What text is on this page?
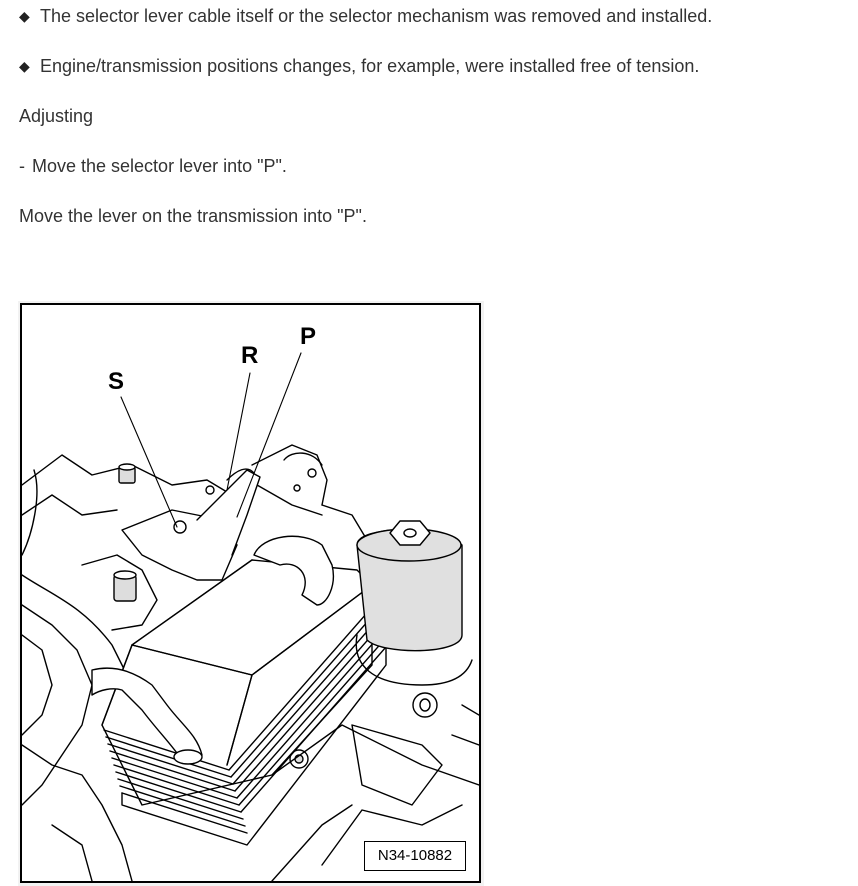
◆ The selector lever cable itself or the selector mechanism was removed and installed.
◆ Engine/transmission positions changes, for example, were installed free of tension.
Adjusting
- Move the selector lever into "P".
Move the lever on the transmission into "P".
S
R
P
N34-10882
